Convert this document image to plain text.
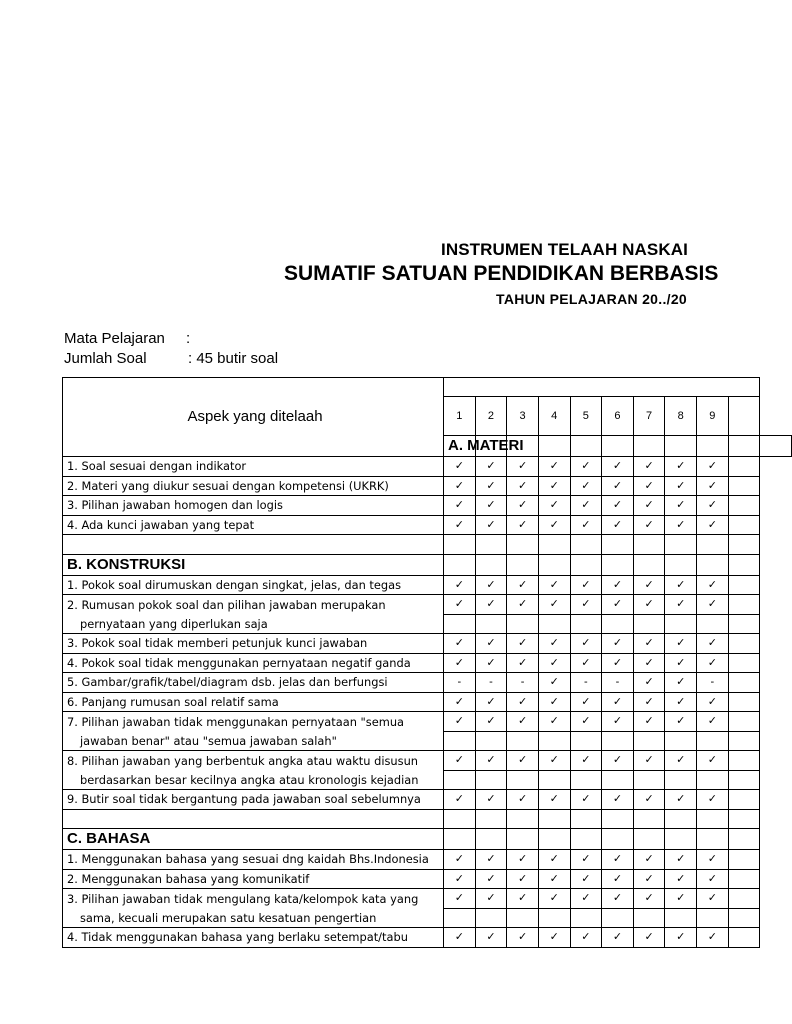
INSTRUMEN TELAAH NASKAI
SUMATIF SATUAN PENDIDIKAN BERBASIS
TAHUN PELAJARAN 20../20
Mata Pelajaran :
Jumlah Soal	: 45 butir soal
Aspek yang ditelaah											
	1	2	3	4	5	6	7	8	9		
	A. MATERI										
1. Soal sesuai dengan indikator	✓	✓	✓	✓	✓	✓	✓	✓	✓		
2. Materi yang diukur sesuai dengan kompetensi (UKRK)	✓	✓	✓	✓	✓	✓	✓	✓	✓		
3. Pilihan jawaban homogen dan logis	✓	✓	✓	✓	✓	✓	✓	✓	✓		
4. Ada kunci jawaban yang tepat	✓	✓	✓	✓	✓	✓	✓	✓	✓		

B. KONSTRUKSI											
1. Pokok soal dirumuskan dengan singkat, jelas, dan tegas	✓	✓	✓	✓	✓	✓	✓	✓	✓		
2. Rumusan pokok soal dan pilihan jawaban merupakan	✓	✓	✓	✓	✓	✓	✓	✓	✓		
pernyataan yang diperlukan saja											
3. Pokok soal tidak memberi petunjuk kunci jawaban	✓	✓	✓	✓	✓	✓	✓	✓	✓		
4. Pokok soal tidak menggunakan pernyataan negatif ganda	✓	✓	✓	✓	✓	✓	✓	✓	✓		
5. Gambar/grafik/tabel/diagram dsb. jelas dan berfungsi	-	-	-	✓	-	-	✓	✓	-		
6. Panjang rumusan soal relatif sama	✓	✓	✓	✓	✓	✓	✓	✓	✓		
7. Pilihan jawaban tidak menggunakan pernyataan "semua	✓	✓	✓	✓	✓	✓	✓	✓	✓		
jawaban benar" atau "semua jawaban salah"											
8. Pilihan jawaban yang berbentuk angka atau waktu disusun	✓	✓	✓	✓	✓	✓	✓	✓	✓		
berdasarkan besar kecilnya angka atau kronologis kejadian											
9. Butir soal tidak bergantung pada jawaban soal sebelumnya	✓	✓	✓	✓	✓	✓	✓	✓	✓		

C. BAHASA											
1. Menggunakan bahasa yang sesuai dng kaidah Bhs.Indonesia	✓	✓	✓	✓	✓	✓	✓	✓	✓		
2. Menggunakan bahasa yang komunikatif	✓	✓	✓	✓	✓	✓	✓	✓	✓		
3. Pilihan jawaban tidak mengulang kata/kelompok kata yang	✓	✓	✓	✓	✓	✓	✓	✓	✓		
sama, kecuali merupakan satu kesatuan pengertian											
4. Tidak menggunakan bahasa yang berlaku setempat/tabu	✓	✓	✓	✓	✓	✓	✓	✓	✓		
